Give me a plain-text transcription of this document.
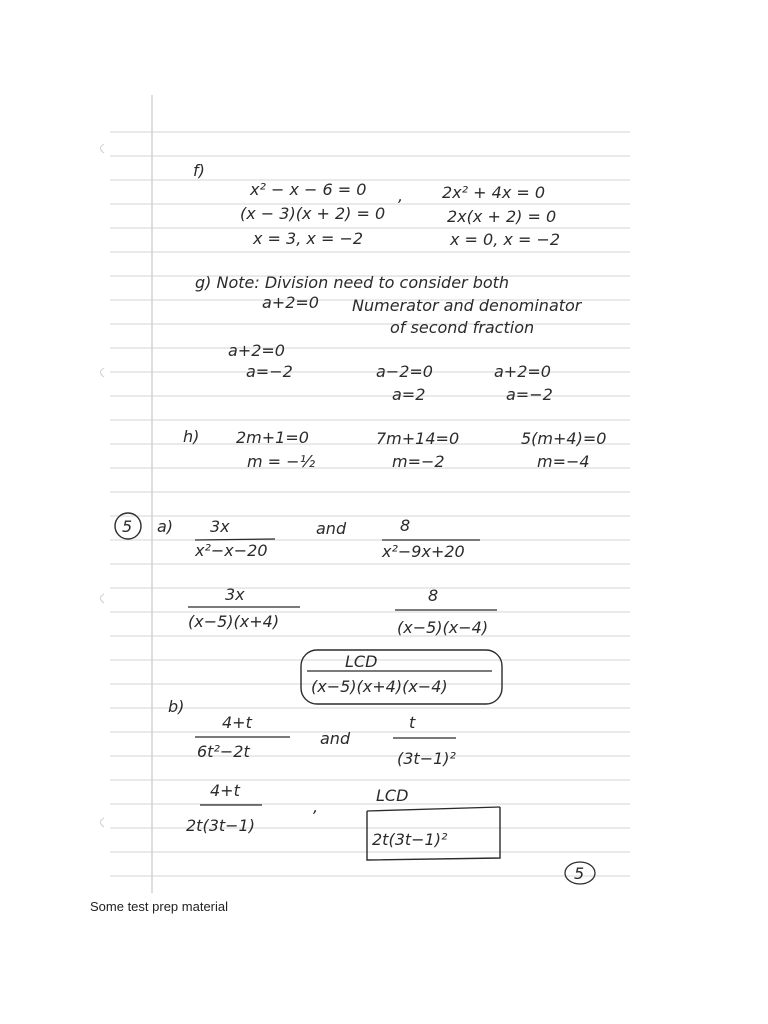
f)
x² − x − 6 = 0
(x − 3)(x + 2) = 0
x = 3, x = −2
, 2x² + 4x = 0
2x(x + 2) = 0
x = 0, x = −2
g) Note: Division need to consider both
a+2=0 Numerator and denominator
of second fraction
a+2=0
a=−2	a−2=0
a=2
a+2=0
a=−2
h) 2m+1=0
m = −½
7m+14=0
m=−2
5(m+4)=0
m=−4
5 a) 3x
x²−x−20
and	8
x²−9x+20
3x
(x−5)(x+4)
8
(x−5)(x−4)
LCD
(x−5)(x+4)(x−4)
b)
4+t
6t²−2t
and
t
(3t−1)²
4+t
2t(3t−1)
,
LCD
2t(3t−1)²
5
Some test prep material
